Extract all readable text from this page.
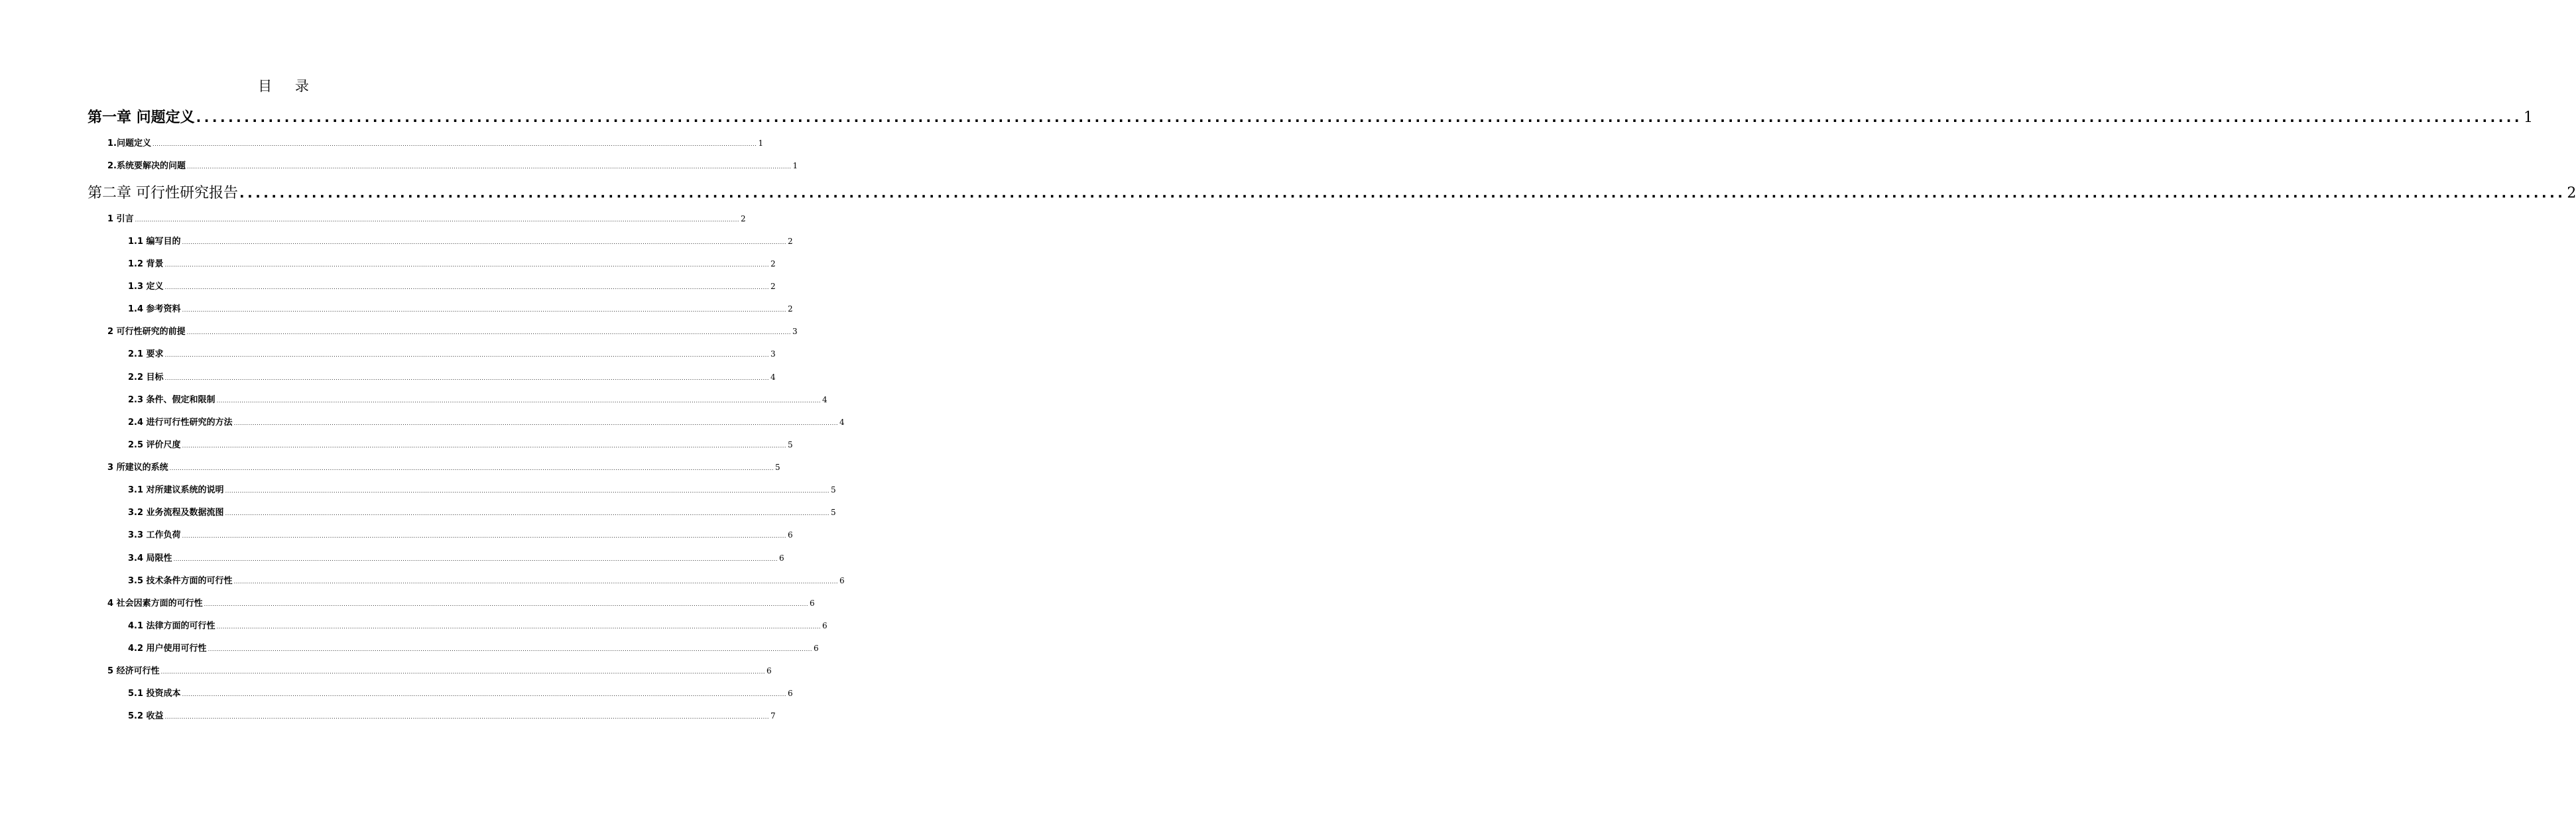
目 录
第一章 问题定义 .................................................................................................................................................................................................................................................................................................. 1
1.问题定义 .................................................................................................................................................................................................................................................................................................. 1
2.系统要解决的问题 .................................................................................................................................................................................................................................................................................................. 1
第二章 可行性研究报告 .................................................................................................................................................................................................................................................................................................. 2
1 引言 .................................................................................................................................................................................................................................................................................................. 2
1.1 编写目的 .................................................................................................................................................................................................................................................................................................. 2
1.2 背景 .................................................................................................................................................................................................................................................................................................. 2
1.3 定义 .................................................................................................................................................................................................................................................................................................. 2
1.4 参考资料 .................................................................................................................................................................................................................................................................................................. 2
2 可行性研究的前提 .................................................................................................................................................................................................................................................................................................. 3
2.1 要求 .................................................................................................................................................................................................................................................................................................. 3
2.2 目标 .................................................................................................................................................................................................................................................................................................. 4
2.3 条件、假定和限制 .................................................................................................................................................................................................................................................................................................. 4
2.4 进行可行性研究的方法 .................................................................................................................................................................................................................................................................................................. 4
2.5 评价尺度 .................................................................................................................................................................................................................................................................................................. 5
3 所建议的系统 .................................................................................................................................................................................................................................................................................................. 5
3.1 对所建议系统的说明 .................................................................................................................................................................................................................................................................................................. 5
3.2 业务流程及数据流图 .................................................................................................................................................................................................................................................................................................. 5
3.3 工作负荷 .................................................................................................................................................................................................................................................................................................. 6
3.4 局限性 .................................................................................................................................................................................................................................................................................................. 6
3.5 技术条件方面的可行性 .................................................................................................................................................................................................................................................................................................. 6
4 社会因素方面的可行性 .................................................................................................................................................................................................................................................................................................. 6
4.1 法律方面的可行性 .................................................................................................................................................................................................................................................................................................. 6
4.2 用户使用可行性 .................................................................................................................................................................................................................................................................................................. 6
5 经济可行性 .................................................................................................................................................................................................................................................................................................. 6
5.1 投资成本 .................................................................................................................................................................................................................................................................................................. 6
5.2 收益 .................................................................................................................................................................................................................................................................................................. 7
